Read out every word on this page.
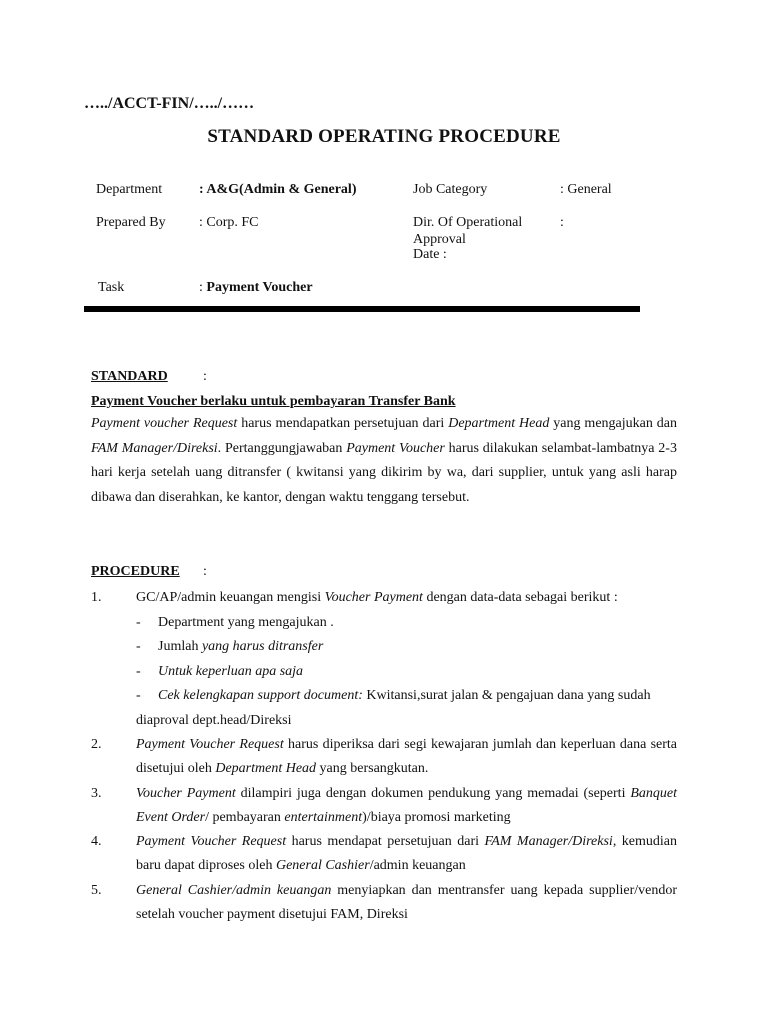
…../ACCT-FIN/…../……
STANDARD OPERATING PROCEDURE
Department	: A&G(Admin & General)	Job Category	: General
Prepared By : Corp. FC	Dir. Of Operational
Approval
Date :
:
Task	: Payment Voucher
STANDARD	:
Payment Voucher berlaku untuk pembayaran Transfer Bank
Payment voucher Request harus mendapatkan persetujuan dari Department Head yang mengajukan dan FAM Manager/Direksi. Pertanggungjawaban Payment Voucher harus dilakukan selambat-lambatnya 2-3 hari kerja setelah uang ditransfer ( kwitansi yang dikirim by wa, dari supplier, untuk yang asli harap dibawa dan diserahkan, ke kantor, dengan waktu tenggang tersebut.
PROCEDURE :
1. GC/AP/admin keuangan mengisi Voucher Payment dengan data-data sebagai berikut :
- Department yang mengajukan .
- Jumlah yang harus ditransfer
- Untuk keperluan apa saja
- Cek kelengkapan support document: Kwitansi,surat jalan & pengajuan dana yang sudah
diaproval dept.head/Direksi
2. Payment Voucher Request harus diperiksa dari segi kewajaran jumlah dan keperluan dana serta disetujui oleh Department Head yang bersangkutan.
3. Voucher Payment dilampiri juga dengan dokumen pendukung yang memadai (seperti Banquet Event Order/ pembayaran entertainment)/biaya promosi marketing
4. Payment Voucher Request harus mendapat persetujuan dari FAM Manager/Direksi, kemudian baru dapat diproses oleh General Cashier/admin keuangan
5. General Cashier/admin keuangan menyiapkan dan mentransfer uang kepada supplier/vendor setelah voucher payment disetujui FAM, Direksi
